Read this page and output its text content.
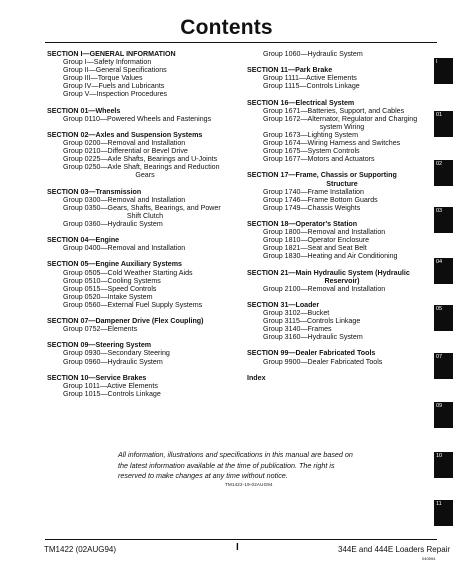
Contents
SECTION I—GENERAL INFORMATION
Group I—Safety Information
Group II—General Specifications
Group III—Torque Values
Group IV—Fuels and Lubricants
Group V—Inspection Procedures
SECTION 01—Wheels
Group 0110—Powered Wheels and Fastenings
SECTION 02—Axles and Suspension Systems
Group 0200—Removal and Installation
Group 0210—Differential or Bevel Drive
Group 0225—Axle Shafts, Bearings and U-Joints
Group 0250—Axle Shaft, Bearings and Reduction
Gears
SECTION 03—Transmission
Group 0300—Removal and Installation
Group 0350—Gears, Shafts, Bearings, and Power
Shift Clutch
Group 0360—Hydraulic System
SECTION 04—Engine
Group 0400—Removal and Installation
SECTION 05—Engine Auxiliary Systems
Group 0505—Cold Weather Starting Aids
Group 0510—Cooling Systems
Group 0515—Speed Controls
Group 0520—Intake System
Group 0560—External Fuel Supply Systems
SECTION 07—Dampener Drive (Flex Coupling)
Group 0752—Elements
SECTION 09—Steering System
Group 0930—Secondary Steering
Group 0960—Hydraulic System
SECTION 10—Service Brakes
Group 1011—Active Elements
Group 1015—Controls Linkage
Group 1060—Hydraulic System
SECTION 11—Park Brake
Group 1111—Active Elements
Group 1115—Controls Linkage
SECTION 16—Electrical System
Group 1671—Batteries, Support, and Cables
Group 1672—Alternator, Regulator and Charging
system Wiring
Group 1673—Lighting System
Group 1674—Wiring Harness and Switches
Group 1675—System Controls
Group 1677—Motors and Actuators
SECTION 17—Frame, Chassis or Supporting
Structure
Group 1740—Frame Installation
Group 1746—Frame Bottom Guards
Group 1749—Chassis Weights
SECTION 18—Operator's Station
Group 1800—Removal and Installation
Group 1810—Operator Enclosure
Group 1821—Seat and Seat Belt
Group 1830—Heating and Air Conditioning
SECTION 21—Main Hydraulic System (Hydraulic
Reservoir)
Group 2100—Removal and Installation
SECTION 31—Loader
Group 3102—Bucket
Group 3115—Controls Linkage
Group 3140—Frames
Group 3160—Hydraulic System
SECTION 99—Dealer Fabricated Tools
Group 9900—Dealer Fabricated Tools
Index
All information, illustrations and specifications in this manual are based on
the latest information available at the time of publication. The right is
reserved to make changes at any time without notice.
TM1422-19-02AUG94
TM1422 (02AUG94)	I	344E and 444E Loaders Repair
040594
I
01
02
03
04
05
07
09
10
11
